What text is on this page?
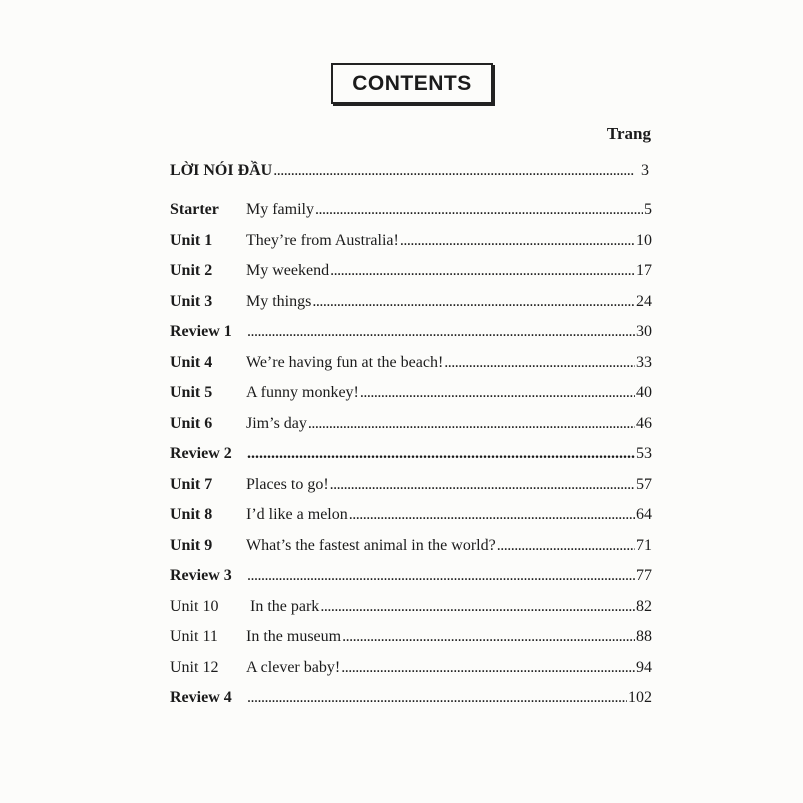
CONTENTS
Trang
LỜI NÓI ĐẦU .....	3
Starter My family .....	5
Unit 1 They’re from Australia! .....	10
Unit 2 My weekend .....	17
Unit 3 My things .....	24
Review 1 .....	30
Unit 4 We’re having fun at the beach! .....	33
Unit 5 A funny monkey! .....	40
Unit 6 Jim’s day .....	46
Review 2 .....	53
Unit 7 Places to go! .....	57
Unit 8 I’d like a melon .....	64
Unit 9 What’s the fastest animal in the world? .....	71
Review 3 .....	77
Unit 10 In the park .....	82
Unit 11 In the museum .....	88
Unit 12 A clever baby! .....	94
Review 4 .....	102
